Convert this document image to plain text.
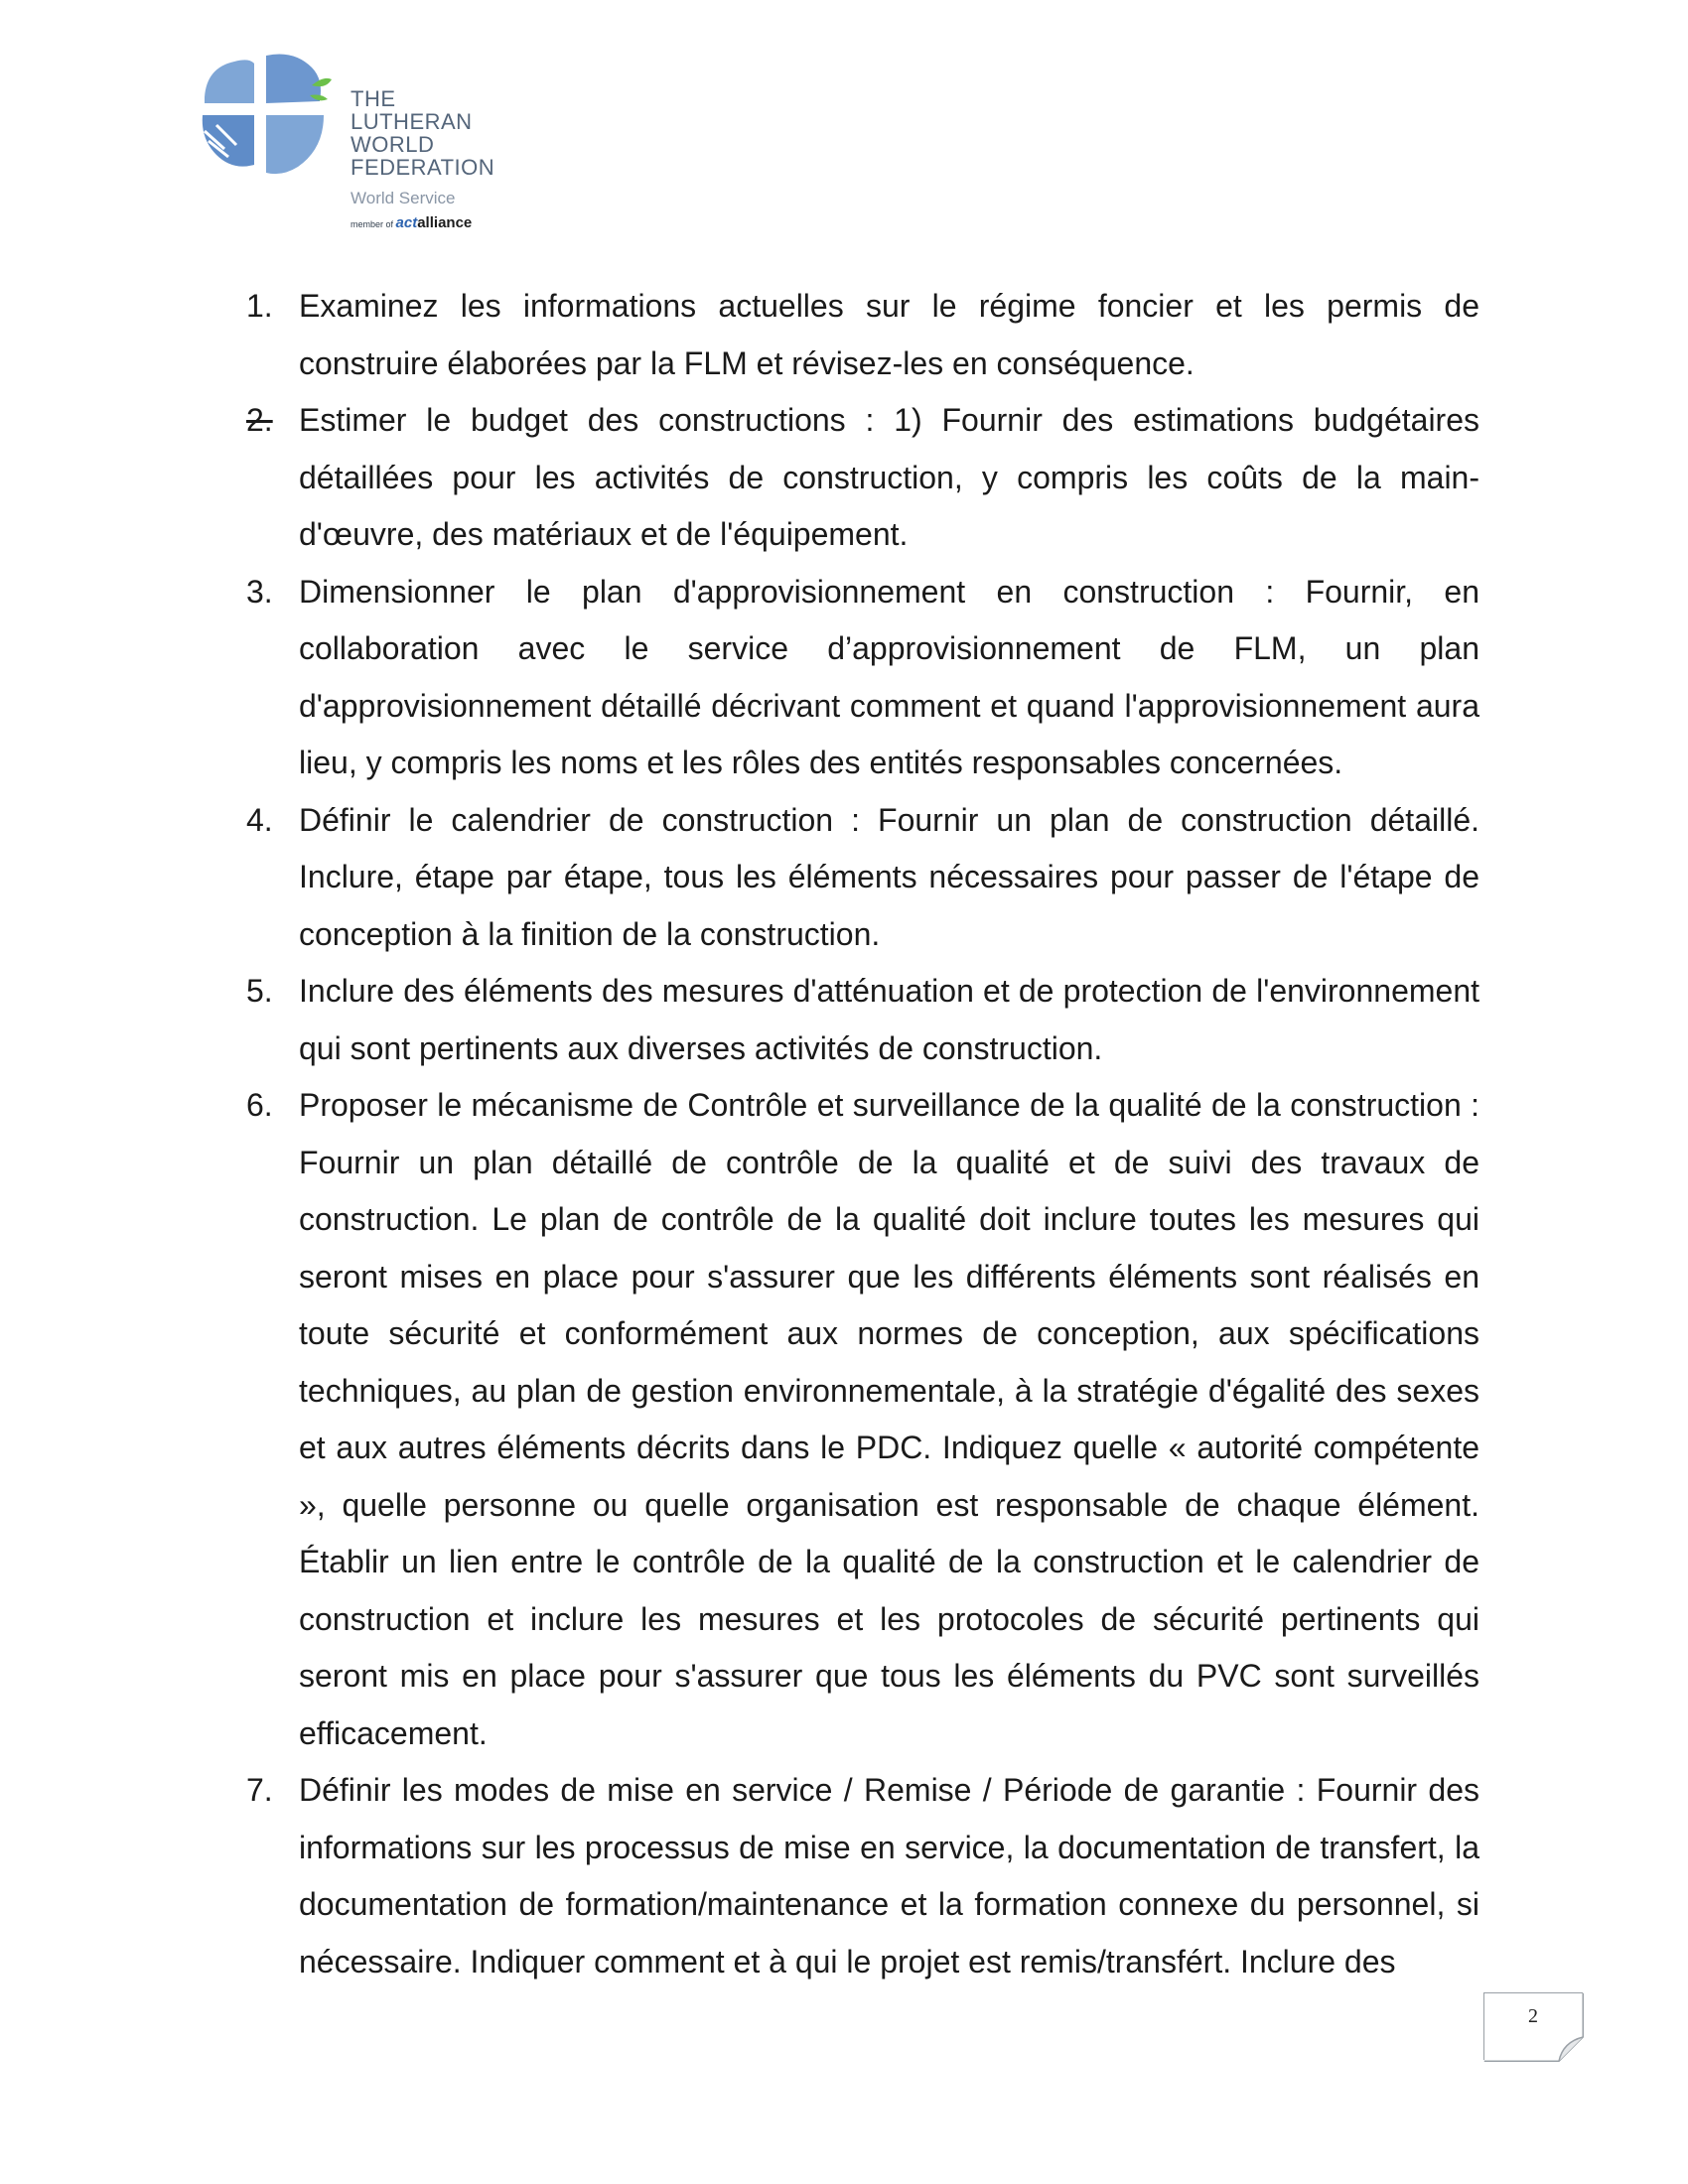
THE
LUTHERAN
WORLD
FEDERATION
World Service
member of actalliance
1. Examinez les informations actuelles sur le régime foncier et les permis de construire élaborées par la FLM et révisez-les en conséquence.
2. Estimer le budget des constructions : 1) Fournir des estimations budgétaires détaillées pour les activités de construction, y compris les coûts de la main-d'œuvre, des matériaux et de l'équipement.
3. Dimensionner le plan d'approvisionnement en construction : Fournir, en collaboration avec le service d’approvisionnement de FLM, un plan d'approvisionnement détaillé décrivant comment et quand l'approvisionnement aura lieu, y compris les noms et les rôles des entités responsables concernées.
4. Définir le calendrier de construction : Fournir un plan de construction détaillé. Inclure, étape par étape, tous les éléments nécessaires pour passer de l'étape de conception à la finition de la construction.
5. Inclure des éléments des mesures d'atténuation et de protection de l'environnement qui sont pertinents aux diverses activités de construction.
6. Proposer le mécanisme de Contrôle et surveillance de la qualité de la construction : Fournir un plan détaillé de contrôle de la qualité et de suivi des travaux de construction. Le plan de contrôle de la qualité doit inclure toutes les mesures qui seront mises en place pour s'assurer que les différents éléments sont réalisés en toute sécurité et conformément aux normes de conception, aux spécifications techniques, au plan de gestion environnementale, à la stratégie d'égalité des sexes et aux autres éléments décrits dans le PDC. Indiquez quelle « autorité compétente », quelle personne ou quelle organisation est responsable de chaque élément. Établir un lien entre le contrôle de la qualité de la construction et le calendrier de construction et inclure les mesures et les protocoles de sécurité pertinents qui seront mis en place pour s'assurer que tous les éléments du PVC sont surveillés efficacement.
7. Définir les modes de mise en service / Remise / Période de garantie : Fournir des informations sur les processus de mise en service, la documentation de transfert, la documentation de formation/maintenance et la formation connexe du personnel, si nécessaire. Indiquer comment et à qui le projet est remis/transfért. Inclure des
2
